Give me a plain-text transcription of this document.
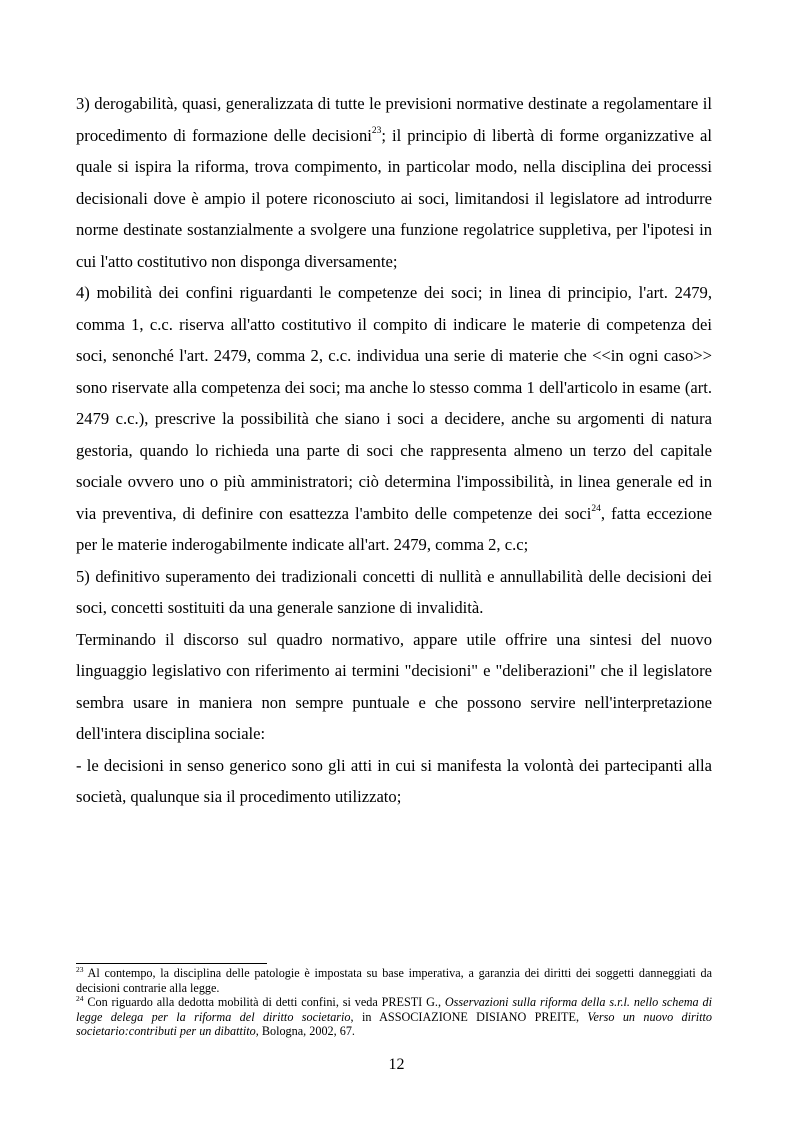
3) derogabilità, quasi, generalizzata di tutte le previsioni normative destinate a regolamentare il procedimento di formazione delle decisioni$^{23}$; il principio di libertà di forme organizzative al quale si ispira la riforma, trova compimento, in particolar modo, nella disciplina dei processi decisionali dove è ampio il potere riconosciuto ai soci, limitandosi il legislatore ad introdurre norme destinate sostanzialmente a svolgere una funzione regolatrice suppletiva, per l'ipotesi in cui l'atto costitutivo non disponga diversamente;

4) mobilità dei confini riguardanti le competenze dei soci; in linea di principio, l'art. 2479, comma 1, c.c. riserva all'atto costitutivo il compito di indicare le materie di competenza dei soci, senonché l'art. 2479, comma 2, c.c. individua una serie di materie che <<in ogni caso>> sono riservate alla competenza dei soci; ma anche lo stesso comma 1 dell'articolo in esame (art. 2479 c.c.), prescrive la possibilità che siano i soci a decidere, anche su argomenti di natura gestoria, quando lo richieda una parte di soci che rappresenta almeno un terzo del capitale sociale ovvero uno o più amministratori; ciò determina l'impossibilità, in linea generale ed in via preventiva, di definire con esattezza l'ambito delle competenze dei soci$^{24}$, fatta eccezione per le materie inderogabilmente indicate all'art. 2479, comma 2, c.c;

5) definitivo superamento dei tradizionali concetti di nullità e annullabilità delle decisioni dei soci, concetti sostituiti da una generale sanzione di invalidità.

Terminando il discorso sul quadro normativo, appare utile offrire una sintesi del nuovo linguaggio legislativo con riferimento ai termini "decisioni" e "deliberazioni" che il legislatore sembra usare in maniera non sempre puntuale e che possono servire nell'interpretazione dell'intera disciplina sociale:

- le decisioni in senso generico sono gli atti in cui si manifesta la volontà dei partecipanti alla società, qualunque sia il procedimento utilizzato;

$^{23}$ Al contempo, la disciplina delle patologie è impostata su base imperativa, a garanzia dei diritti dei soggetti danneggiati da decisioni contrarie alla legge.

$^{24}$ Con riguardo alla dedotta mobilità di detti confini, si veda PRESTI G., Osservazioni sulla riforma della s.r.l. nello schema di legge delega per la riforma del diritto societario, in ASSOCIAZIONE DISIANO PREITE, Verso un nuovo diritto societario:contributi per un dibattito, Bologna, 2002, 67.

12
